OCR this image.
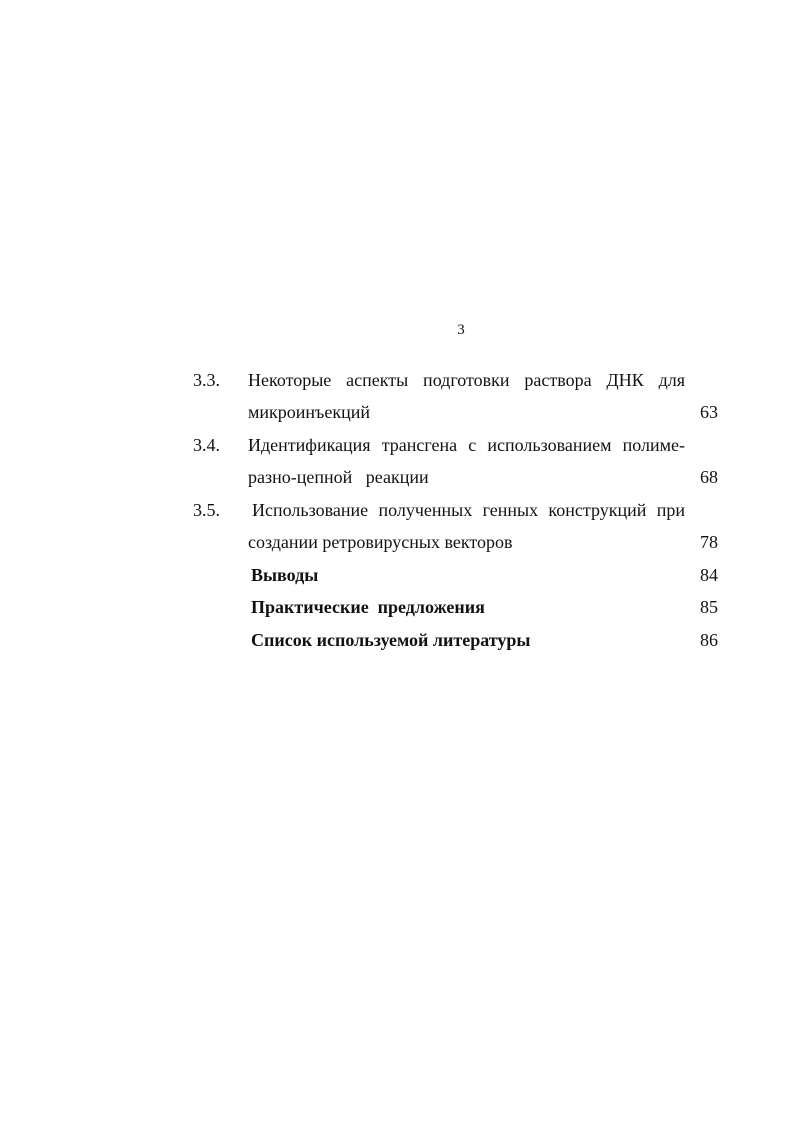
3
3.3. Некоторые аспекты подготовки раствора ДНК для
микроинъекций	63
3.4. Идентификация трансгена с использованием полиме-
разно-цепной   реакции	68
3.5. Использование полученных генных конструкций при
создании ретровирусных векторов	78
Выводы	84
Практические  предложения	85
Список используемой литературы	86
